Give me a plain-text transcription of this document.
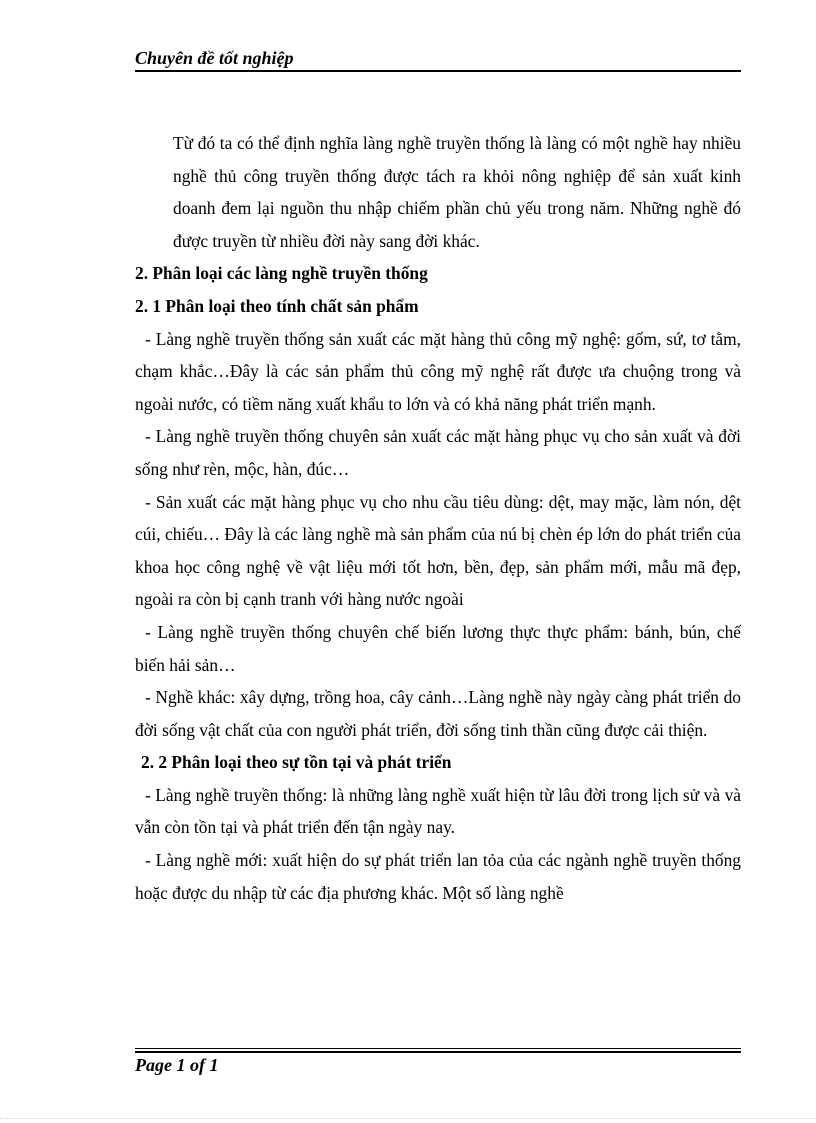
Chuyên đề tốt nghiệp

Từ đó ta có thể định nghĩa làng nghề truyền thống là làng có một nghề hay nhiều nghề thủ công truyền thống được tách ra khỏi nông nghiệp để sản xuất kinh doanh đem lại nguồn thu nhập chiếm phần chủ yếu trong năm. Những nghề đó được truyền từ nhiều đời này sang đời khác.

2. Phân loại các làng nghề truyền thống

2. 1 Phân loại theo tính chất sản phẩm

- Làng nghề truyền thống sản xuất các mặt hàng thủ công mỹ nghệ: gốm, sứ, tơ tằm, chạm khắc…Đây là các sản phẩm thủ công mỹ nghệ rất được ưa chuộng trong và ngoài nước, có tiềm năng xuất khẩu to lớn và có khả năng phát triển mạnh.

- Làng nghề truyền thống chuyên sản xuất các mặt hàng phục vụ cho sản xuất và đời sống như rèn, mộc, hàn, đúc…

- Sản xuất các mặt hàng phục vụ cho nhu cầu tiêu dùng: dệt, may mặc, làm nón, dệt cúi, chiếu… Đây là các làng nghề mà sản phẩm của nú bị chèn ép lớn do phát triển của khoa học công nghệ về vật liệu mới tốt hơn, bền, đẹp, sản phẩm mới, mẫu mã đẹp, ngoài ra còn bị cạnh tranh với hàng nước ngoài

- Làng nghề truyền thống chuyên chế biến lương thực thực phẩm: bánh, bún, chế biến hải sản…

- Nghề khác: xây dựng, trồng hoa, cây cảnh…Làng nghề này ngày càng phát triển do đời sống vật chất của con người phát triển, đời sống tinh thần cũng được cải thiện.

2. 2 Phân loại theo sự tồn tại và phát triển

- Làng nghề truyền thống: là những làng nghề xuất hiện từ lâu đời trong lịch sử và và vẫn còn tồn tại và phát triển đến tận ngày nay.

- Làng nghề mới: xuất hiện do sự phát triển lan tỏa của các ngành nghề truyền thống hoặc được du nhập từ các địa phương khác. Một số làng nghề

Page 1 of 1
